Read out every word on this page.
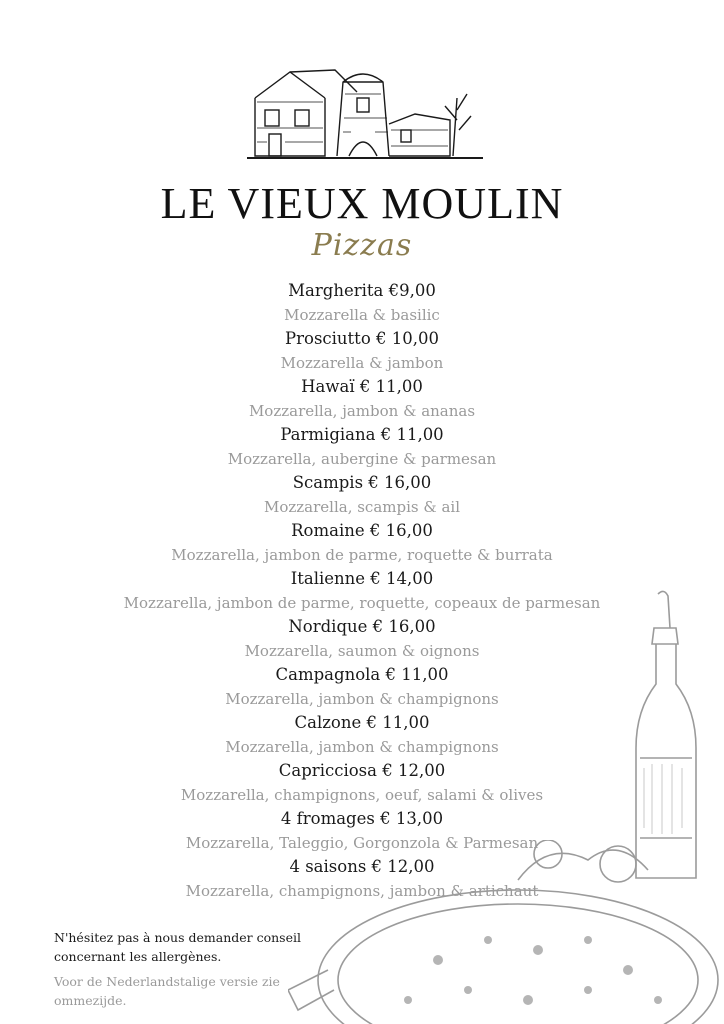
LE VIEUX MOULIN
Pizzas
Margherita €9,00
Mozzarella & basilic
Prosciutto € 10,00
Mozzarella & jambon
Hawaï € 11,00
Mozzarella, jambon & ananas
Parmigiana € 11,00
Mozzarella, aubergine & parmesan
Scampis € 16,00
Mozzarella, scampis & ail
Romaine € 16,00
Mozzarella, jambon de parme, roquette & burrata
Italienne € 14,00
Mozzarella, jambon de parme, roquette, copeaux de parmesan
Nordique € 16,00
Mozzarella, saumon & oignons
Campagnola € 11,00
Mozzarella, jambon & champignons
Calzone € 11,00
Mozzarella, jambon & champignons
Capricciosa € 12,00
Mozzarella, champignons, oeuf, salami & olives
4 fromages € 13,00
Mozzarella, Taleggio, Gorgonzola & Parmesan
4 saisons € 12,00
Mozzarella, champignons, jambon & artichaut

N'hésitez pas à nous demander conseil concernant les allergènes.

Voor de Nederlandstalige versie zie ommezijde.
